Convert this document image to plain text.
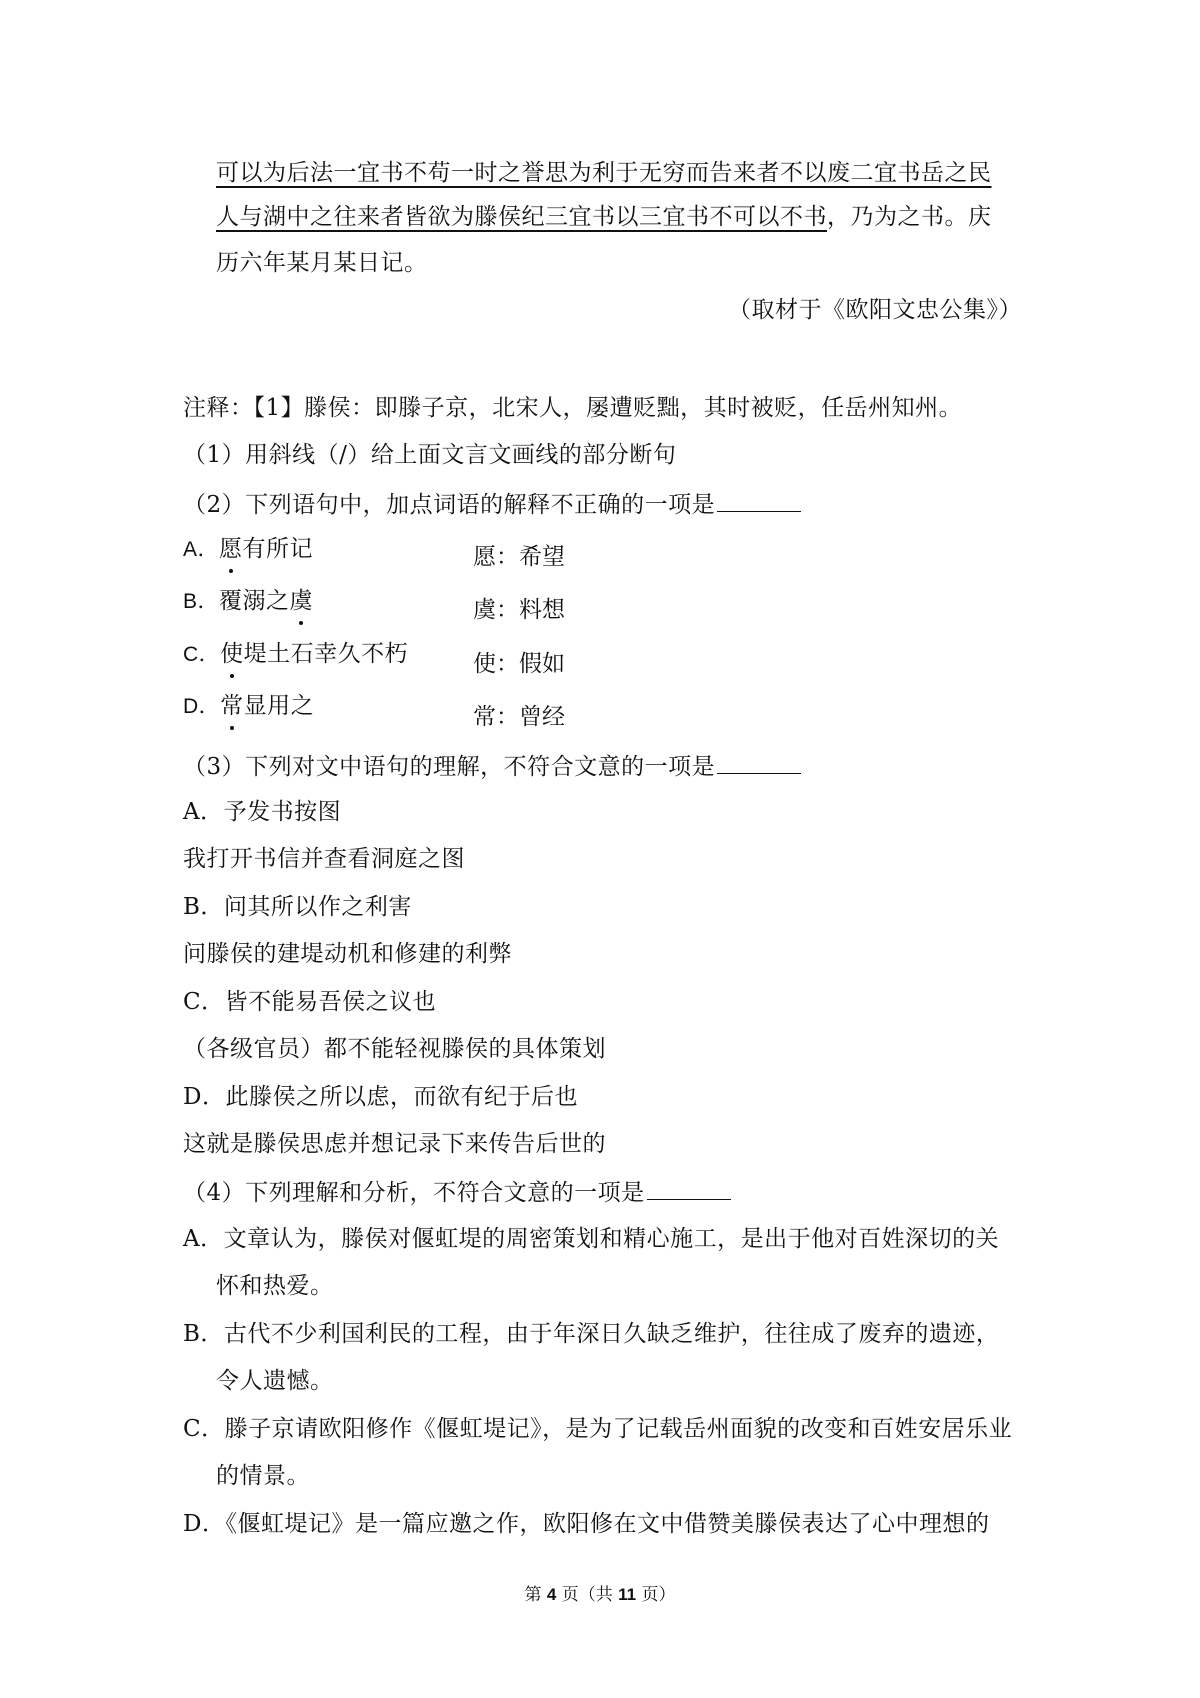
可以为后法一宜书不苟一时之誉思为利于无穷而告来者不以废二宜书岳之民
人与湖中之往来者皆欲为滕侯纪三宜书以三宜书不可以不书，乃为之书。庆
历六年某月某日记。
（取材于《欧阳文忠公集》）
注释：【1】滕侯：即滕子京，北宋人，屡遭贬黜，其时被贬，任岳州知州。
（1）用斜线（/）给上面文言文画线的部分断句
（2）下列语句中，加点词语的解释不正确的一项是
A．愿有所记	愿：希望
B．覆溺之虞	虞：料想
C．使堤土石幸久不朽	使：假如
D．常显用之	常：曾经
（3）下列对文中语句的理解，不符合文意的一项是
A．予发书按图
我打开书信并查看洞庭之图
B．问其所以作之利害
问滕侯的建堤动机和修建的利弊
C．皆不能易吾侯之议也
（各级官员）都不能轻视滕侯的具体策划
D．此滕侯之所以虑，而欲有纪于后也
这就是滕侯思虑并想记录下来传告后世的
（4）下列理解和分析，不符合文意的一项是
A．文章认为，滕侯对偃虹堤的周密策划和精心施工，是出于他对百姓深切的关
怀和热爱。
B．古代不少利国利民的工程，由于年深日久缺乏维护，往往成了废弃的遗迹，
令人遗憾。
C．滕子京请欧阳修作《偃虹堤记》，是为了记载岳州面貌的改变和百姓安居乐业
的情景。
D．《偃虹堤记》是一篇应邀之作，欧阳修在文中借赞美滕侯表达了心中理想的
第 4 页（共 11 页）
